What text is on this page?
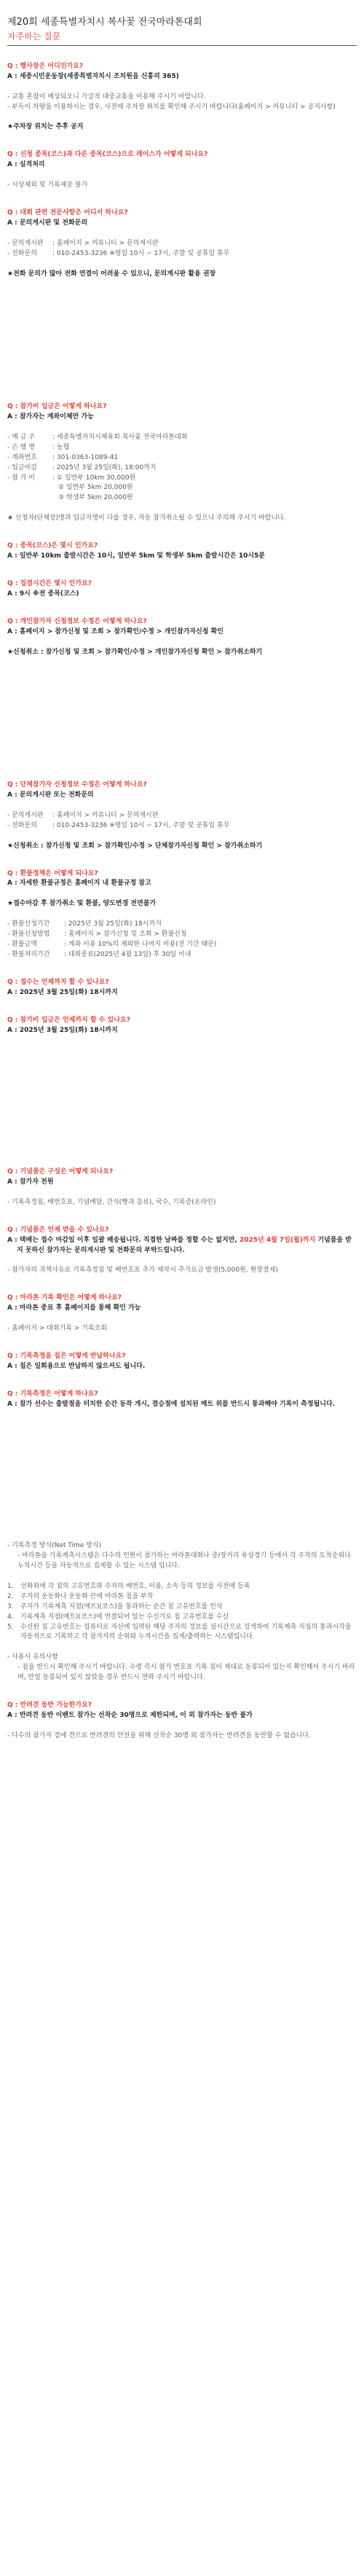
제20회 세종특별자치시 복사꽃 전국마라톤대회
자주하는 질문

Q : 행사장은 어디인가요?

A : 세종시민운동장(세종특별자치시 조치원읍 신흥리 365)

- 교통 혼잡이 예상되오니 가급적 대중교통을 이용해 주시기 바랍니다.

- 부득이 차량을 이용하시는 경우, 사전에 주차장 위치를 확인해 주시기 바랍니다(홈페이지 > 커뮤니티 > 공지사항)

★주차장 위치는 추후 공지

Q : 신청 종목(코스)과 다른 종목(코스)으로 레이스가 어떻게 되나요?

A : 실격처리

- 시상제외 및 기록제공 불가

Q : 대회 관련 전문사항은 어디서 하나요?

A : 문의게시판 및 전화문의

- 문의게시판	: 홈페이지 > 커뮤니티 > 문의게시판
- 전화문의	: 010-2453-3236 ※평일 10시 ~ 17시, 주말 및 공휴일 휴무

★전화 문의가 많아 전화 연결이 어려울 수 있으니, 문의게시판 활용 권장

Q : 참가비 입금은 어떻게 하나요?

A : 참가자는 계좌이체만 가능

- 예 금 주	: 세종특별자치시체육회 복사꽃 전국마라톤대회
- 은 행 명	: 농협
- 계좌번호	: 301-0363-1089-41
- 입금마감	: 2025년 3월 25일(화), 18:00까지
- 참 가 비	: ① 일반부 10km 30,000원
② 일반부 5km 20,000원
③ 학생부 5km 20,000원

★ 신청자(단체장)명과 입금자명이 다를 경우, 자동 참가취소될 수 있으니 주의해 주시기 바랍니다.

Q : 종목(코스)은 몇시 인가요?

A : 일반부 10km 출발시간은 10시, 일반부 5km 및 학생부 5km 출발시간은 10시5분

Q : 집결시간은 몇시 인가요?

A : 9시 ※전 종목(코스)

Q : 개인참가자 신청정보 수정은 어떻게 하나요?

A : 홈페이지 > 참가신청 및 조회 > 참가확인/수정 > 개인참가자신청 확인

★신청취소 : 참가신청 및 조회 > 참가확인/수정 > 개인참가자신청 확인 > 참가취소하기

Q : 단체참가자 신청정보 수정은 어떻게 하나요?

A : 문의게시판 또는 전화문의

- 문의게시판	: 홈페이지 > 커뮤니티 > 문의게시판
- 전화문의	: 010-2453-3236 ※평일 10시 ~ 17시, 주말 및 공휴일 휴무

★신청취소 : 참가신청 및 조회 > 참가확인/수정 > 단체참가자신청 확인 > 참가취소하기

Q : 환불정책은 어떻게 되나요?

A : 자세한 환불규정은 홈페이지 내 환불규정 참고

★접수마감 후 참가취소 및 환불, 양도변경 전면불가

- 환불신청기간	: 2025년 3월 25일(화) 18시까지
- 환불신청방법	: 홈페이지 > 참가신청 및 조회 > 환불신청
- 환불금액	: 계좌 이용 10%의 제외한 나머지 비용(전 기간 때문)
- 환불처리기간	: 대회종료(2025년 4월 13일) 후 30일 이내

Q : 접수는 언제까지 할 수 있나요?

A : 2025년 3월 25일(화) 18시까지

Q : 참가비 입금은 언제까지 할 수 있나요?

A : 2025년 3월 25일(화) 18시까지

Q : 기념품은 구성은 어떻게 되나요?

A : 참가자 전원

- 기록측정칩, 배번호표, 기념메달, 간식(빵과 음료), 국수, 기록증(온라인)

Q : 기념품은 언제 받을 수 있나요?

A : 택배는 접수 마감일 이후 일괄 배송됩니다. 직접한 날짜를 정할 수는 없지만, 2025년 4월 7일(월)까지 기념품을 받지 못하신 참가자는 문의게시판 및 전화문의 부탁드립니다.

- 참가자의 귀책사유로 기록측정칩 및 배번호표 추가 제작시 추가요금 발생(5,000원, 현장결제)

Q : 마라톤 기록 확인은 어떻게 하나요?

A : 마라톤 종료 후 홈페이지를 통해 확인 가능

- 홈페이지 > 대회기록 > 기록조회

Q : 기록측정을 칩은 어떻게 반납하나요?

A : 칩은 일회용으로 반납하지 않으셔도 됩니다.

Q : 기록측정은 어떻게 하나요?

A : 참가 선수는 출발점을 터치한 순간 동작 개시, 결승점에 설치된 매트 위를 반드시 통과해야 기록이 측정됩니다.

- 기록측정 방식(Net Time 방식)

- 마라톤을 기록계측시스템은 다수의 인원이 참가하는 마라톤대회나 중/장거리 육상경기 등에서 각 주자의 도착순위나 누적시간 등을 자동적으로 집계할 수 있는 시스템 입니다.

1.	선화위에 각 칩의 고유번호와 주자의 배번호, 이름, 소속 등의 정보를 사전에 등록
2.	주자의 운동화나 운동화 끈에 마라톤 칩을 부착
3.	주자가 기록계측 지점(매트)(코스)을 통과하는 순간 칩 고유번호를 인식
4.	기록계측 지점(매트)(코스)에 연결되어 있는 수신기로 칩 고유번호를 수신
5.	수신된 칩 고유번호는 컴퓨터로 자신에 입력된 해당 주자의 정보를 실시간으로 검색하여 기록계측 지점의 통과시각을 자동적으로 기록하고 각 참가자의 순위와 누적시간을 집계/출력하는 시스템입니다.

- 사용시 유의사항

- 칩을 반드시 확인해 주시기 바랍니다. 수령 즉시 참가 번호표 기록 칩이 제대로 동봉되어 있는지 확인해서 주시기 바라며, 만일 동봉되어 있지 않았을 경우 반드시 연락 주시기 바랍니다.

Q : 반려견 동반 가능한가요?

A : 반려견 동반 이벤트 참가는 선착순 30명으로 제한되며, 이 외 참가자는 동반 불가

- 다수의 참가자 겸에 견으로 반려견의 안전을 위해 선착순 30명 외 참가자는 반려견을 동반할 수 없습니다.
